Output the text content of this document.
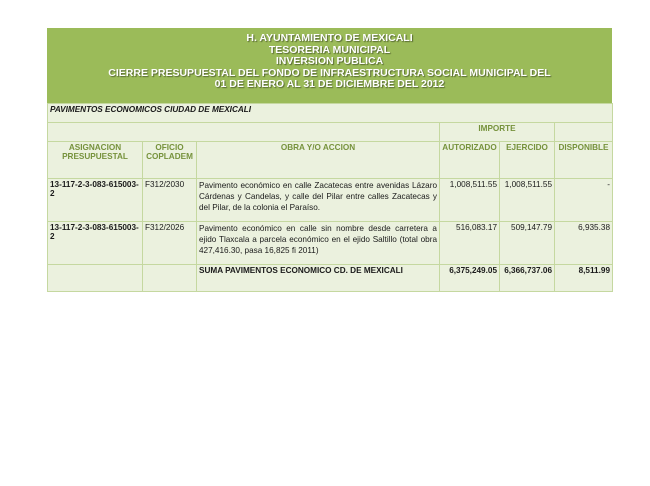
H. AYUNTAMIENTO DE MEXICALI
TESORERIA MUNICIPAL
INVERSION PUBLICA
CIERRE PRESUPUESTAL DEL FONDO DE INFRAESTRUCTURA SOCIAL MUNICIPAL DEL
01 DE ENERO AL 31 DE DICIEMBRE DEL 2012
PAVIMENTOS ECONOMICOS CIUDAD DE MEXICALI					
			IMPORTE		
ASIGNACION PRESUPUESTAL	OFICIO COPLADEM	OBRA Y/O ACCION	AUTORIZADO	EJERCIDO	DISPONIBLE
13-117-2-3-083-615003-2	F312/2030	Pavimento económico en calle Zacatecas entre avenidas Lázaro Cárdenas y Candelas, y calle del Pilar entre calles Zacatecas y del Pilar, de la colonia el Paraíso.	1,008,511.55	1,008,511.55	-
13-117-2-3-083-615003-2	F312/2026	Pavimento económico en calle sin nombre desde carretera a ejido Tlaxcala a parcela económico en el ejido Saltillo (total obra 427,416.30, pasa 16,825 fi 2011)	516,083.17	509,147.79	6,935.38
		SUMA PAVIMENTOS ECONOMICO CD. DE MEXICALI	6,375,249.05	6,366,737.06	8,511.99
